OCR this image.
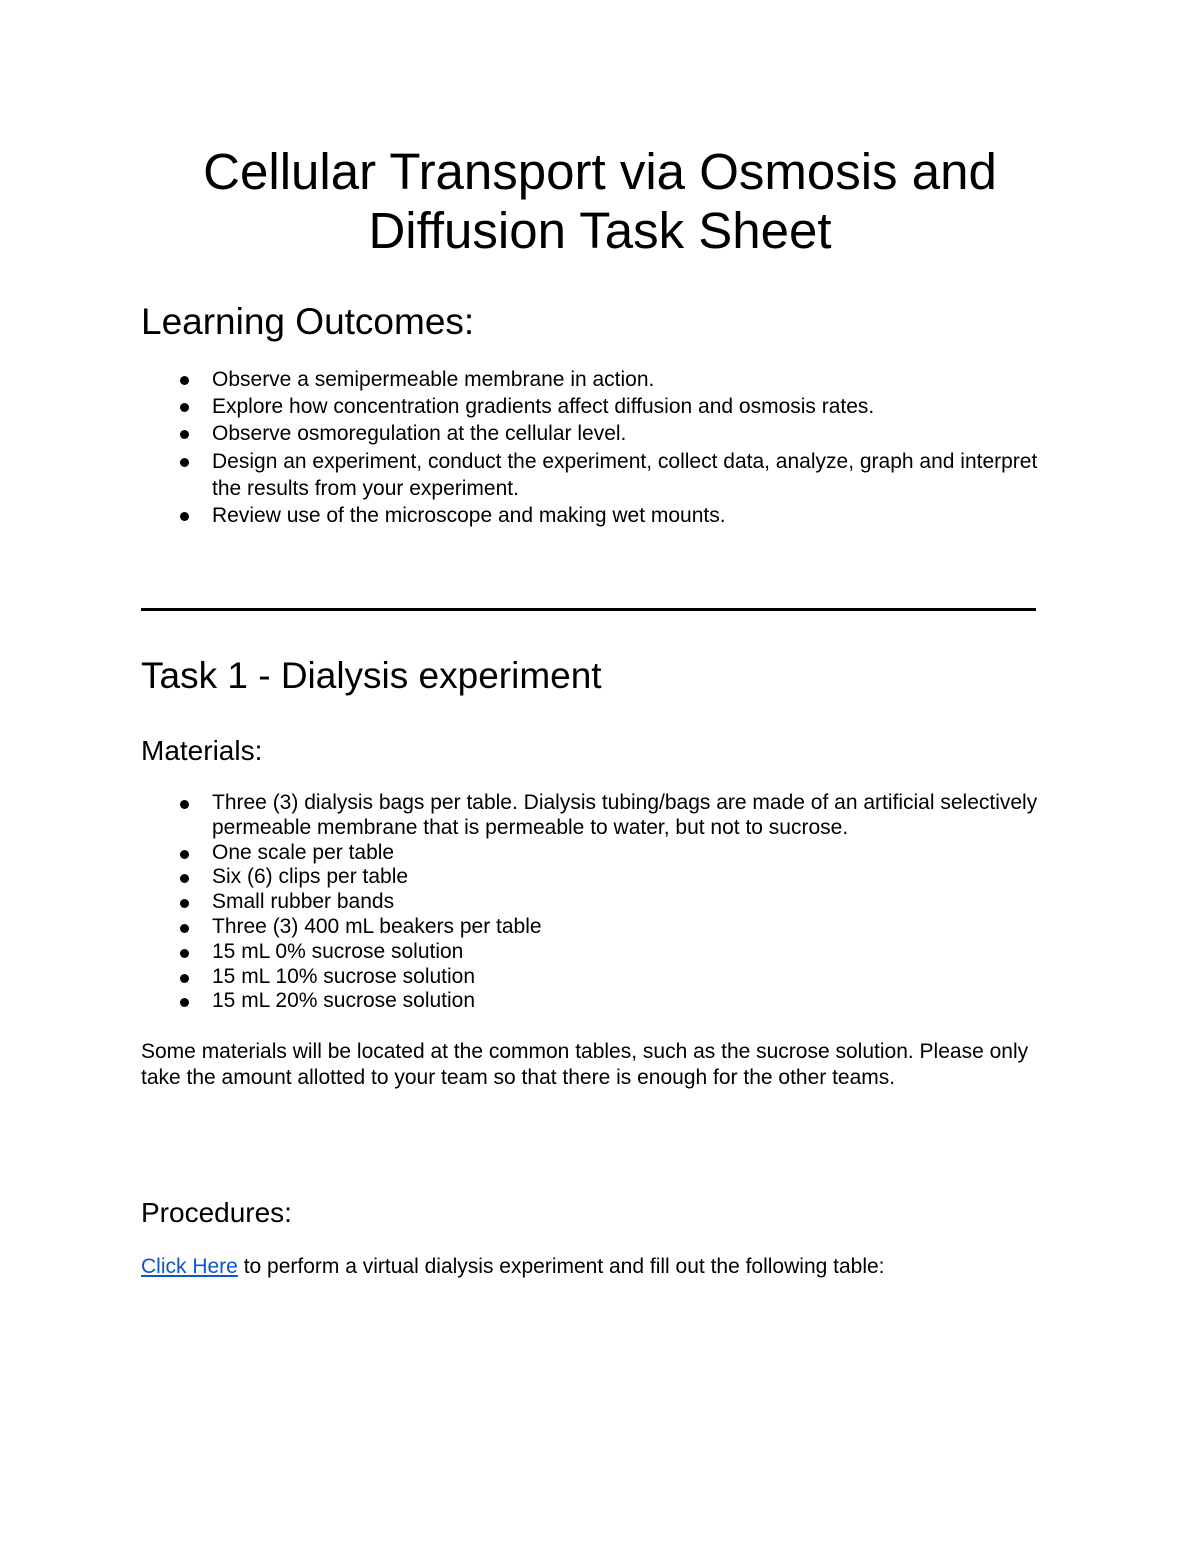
Cellular Transport via Osmosis and Diffusion Task Sheet
Learning Outcomes:
Observe a semipermeable membrane in action.
Explore how concentration gradients affect diffusion and osmosis rates.
Observe osmoregulation at the cellular level.
Design an experiment, conduct the experiment, collect data, analyze, graph and interpret the results from your experiment.
Review use of the microscope and making wet mounts.
Task 1 - Dialysis experiment
Materials:
Three (3) dialysis bags per table. Dialysis tubing/bags are made of an artificial selectively permeable membrane that is permeable to water, but not to sucrose.
One scale per table
Six (6) clips per table
Small rubber bands
Three (3) 400 mL beakers per table
15 mL 0% sucrose solution
15 mL 10% sucrose solution
15 mL 20% sucrose solution

Some materials will be located at the common tables, such as the sucrose solution. Please only take the amount allotted to your team so that there is enough for the other teams.

Procedures:

Click Here to perform a virtual dialysis experiment and fill out the following table:
